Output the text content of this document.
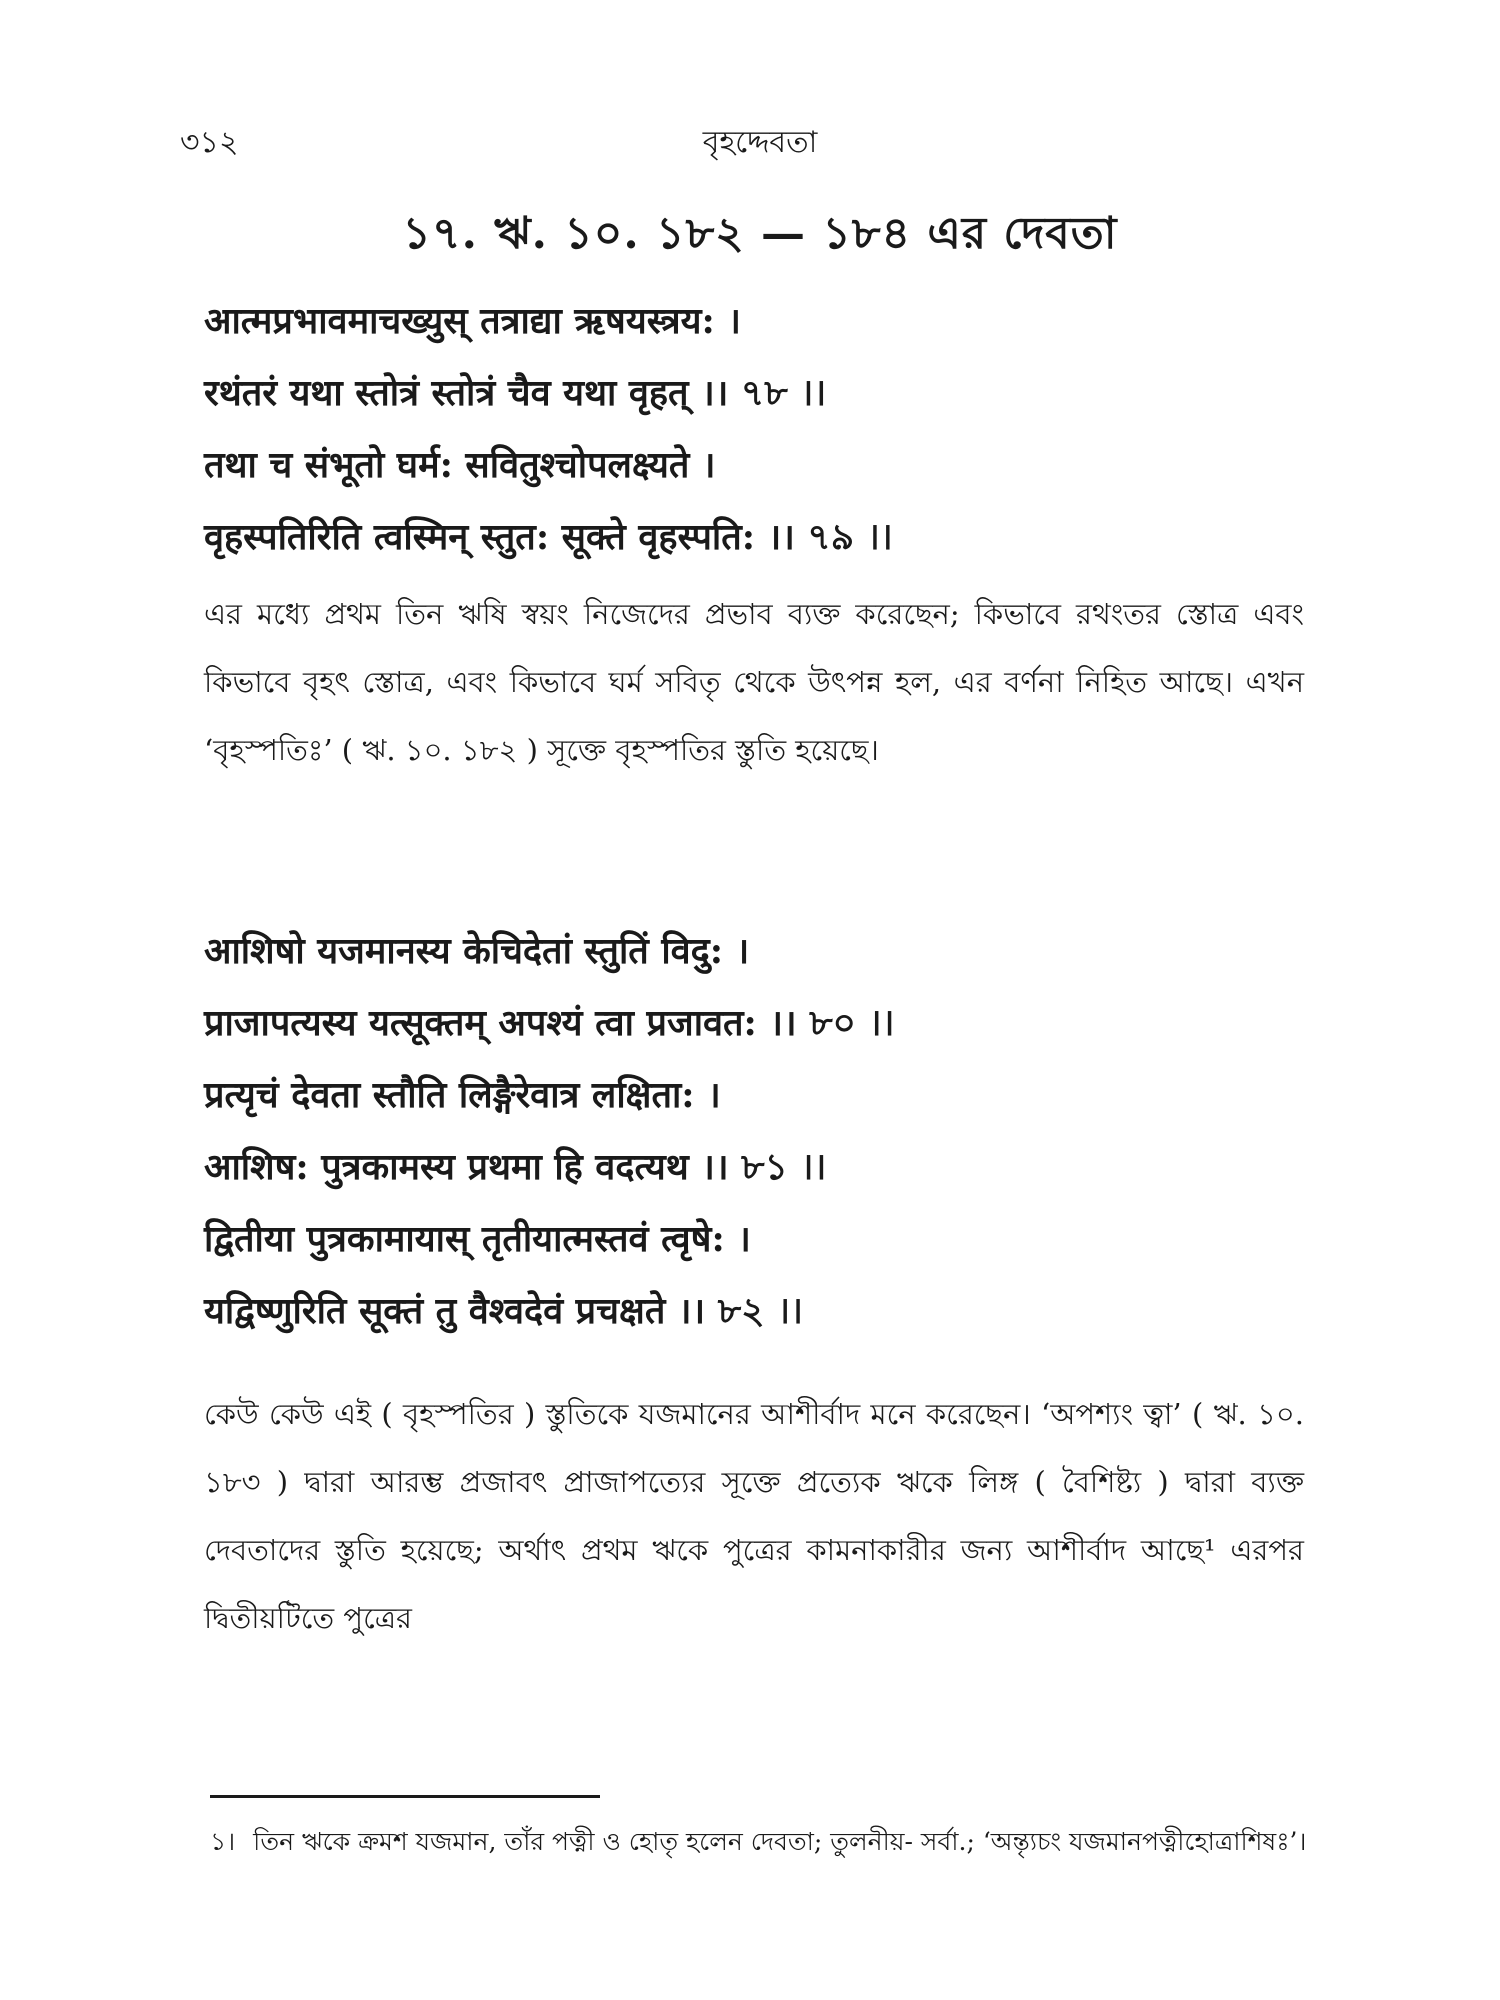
৩১২	বৃহদ্দেবতা
১৭. ঋ. ১০. ১৮২ — ১৮৪ এর দেবতা
आत्मप्रभावमाचख्युस् तत्राद्या ऋषयस्त्रय: ।
रथंतरं यथा स्तोत्रं स्तोत्रं चैव यथा वृहत् ।। ৭৮ ।।
तथा च संभूतो घर्म: सवितुश्चोपलक्ष्यते ।
वृहस्पतिरिति त्वस्मिन् स्तुत: सूक्ते वृहस्पति: ।। ৭৯ ।।
এর মধ্যে প্রথম তিন ঋষি স্বয়ং নিজেদের প্রভাব ব্যক্ত করেছেন; কিভাবে রথংতর স্তোত্র এবং কিভাবে বৃহৎ স্তোত্র, এবং কিভাবে ঘর্ম সবিতৃ থেকে উৎপন্ন হল, এর বর্ণনা নিহিত আছে। এখন ‘বৃহস্পতিঃ’ ( ঋ. ১০. ১৮২ ) সূক্তে বৃহস্পতির স্তুতি হয়েছে।
आशिषो यजमानस्य केचिदेतां स्तुतिं विदु: ।
प्राजापत्यस्य यत्सूक्तम् अपश्यं त्वा प्रजावत: ।। ৮০ ।।
प्रत्यृचं देवता स्तौति लिङ्गैरेवात्र लक्षिता: ।
आशिष: पुत्रकामस्य प्रथमा हि वदत्यथ ।। ৮১ ।।
द्वितीया पुत्रकामायास् तृतीयात्मस्तवं त्वृषे: ।
यद्विष्णुरिति सूक्तं तु वैश्वदेवं प्रचक्षते ।। ৮২ ।।
কেউ কেউ এই ( বৃহস্পতির ) স্তুতিকে যজমানের আশীর্বাদ মনে করেছেন। ‘অপশ্যং ত্বা’ ( ঋ. ১০. ১৮৩ ) দ্বারা আরম্ভ প্রজাবৎ প্রাজাপত্যের সূক্তে প্রত্যেক ঋকে লিঙ্গ ( বৈশিষ্ট্য ) দ্বারা ব্যক্ত দেবতাদের স্তুতি হয়েছে; অর্থাৎ প্রথম ঋকে পুত্রের কামনাকারীর জন্য আশীর্বাদ আছে¹ এরপর দ্বিতীয়টিতে পুত্রের
১। তিন ঋকে ক্রমশ যজমান, তাঁর পত্নী ও হোতৃ হলেন দেবতা; তুলনীয়- সর্বা.; ‘অন্ত্যৃচং যজমানপত্নীহোত্রাশিষঃ’।
